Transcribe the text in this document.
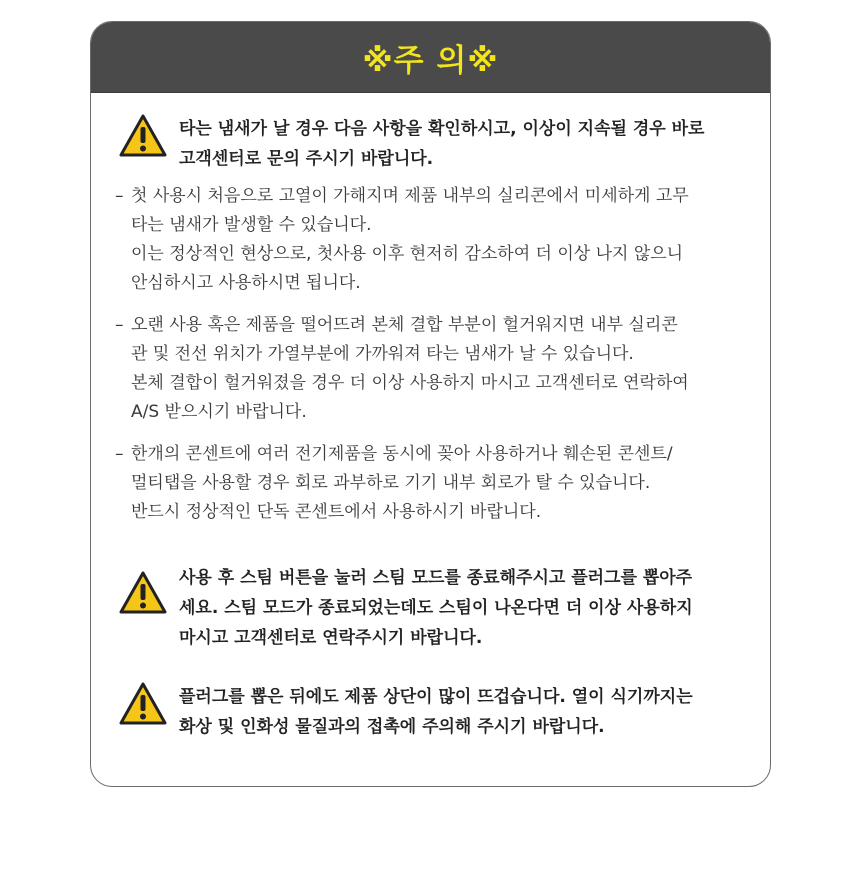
※주 의※
타는 냄새가 날 경우 다음 사항을 확인하시고, 이상이 지속될 경우 바로
고객센터로 문의 주시기 바랍니다.
– 첫 사용시 처음으로 고열이 가해지며 제품 내부의 실리콘에서 미세하게 고무
타는 냄새가 발생할 수 있습니다.
이는 정상적인 현상으로, 첫사용 이후 현저히 감소하여 더 이상 나지 않으니
안심하시고 사용하시면 됩니다.
– 오랜 사용 혹은 제품을 떨어뜨려 본체 결합 부분이 헐거워지면 내부 실리콘
관 및 전선 위치가 가열부분에 가까워져 타는 냄새가 날 수 있습니다.
본체 결합이 헐거워졌을 경우 더 이상 사용하지 마시고 고객센터로 연락하여
A/S 받으시기 바랍니다.
– 한개의 콘센트에 여러 전기제품을 동시에 꽂아 사용하거나 훼손된 콘센트/
멀티탭을 사용할 경우 회로 과부하로 기기 내부 회로가 탈 수 있습니다.
반드시 정상적인 단독 콘센트에서 사용하시기 바랍니다.
사용 후 스팀 버튼을 눌러 스팀 모드를 종료해주시고 플러그를 뽑아주
세요. 스팀 모드가 종료되었는데도 스팀이 나온다면 더 이상 사용하지
마시고 고객센터로 연락주시기 바랍니다.
플러그를 뽑은 뒤에도 제품 상단이 많이 뜨겁습니다. 열이 식기까지는
화상 및 인화성 물질과의 접촉에 주의해 주시기 바랍니다.
